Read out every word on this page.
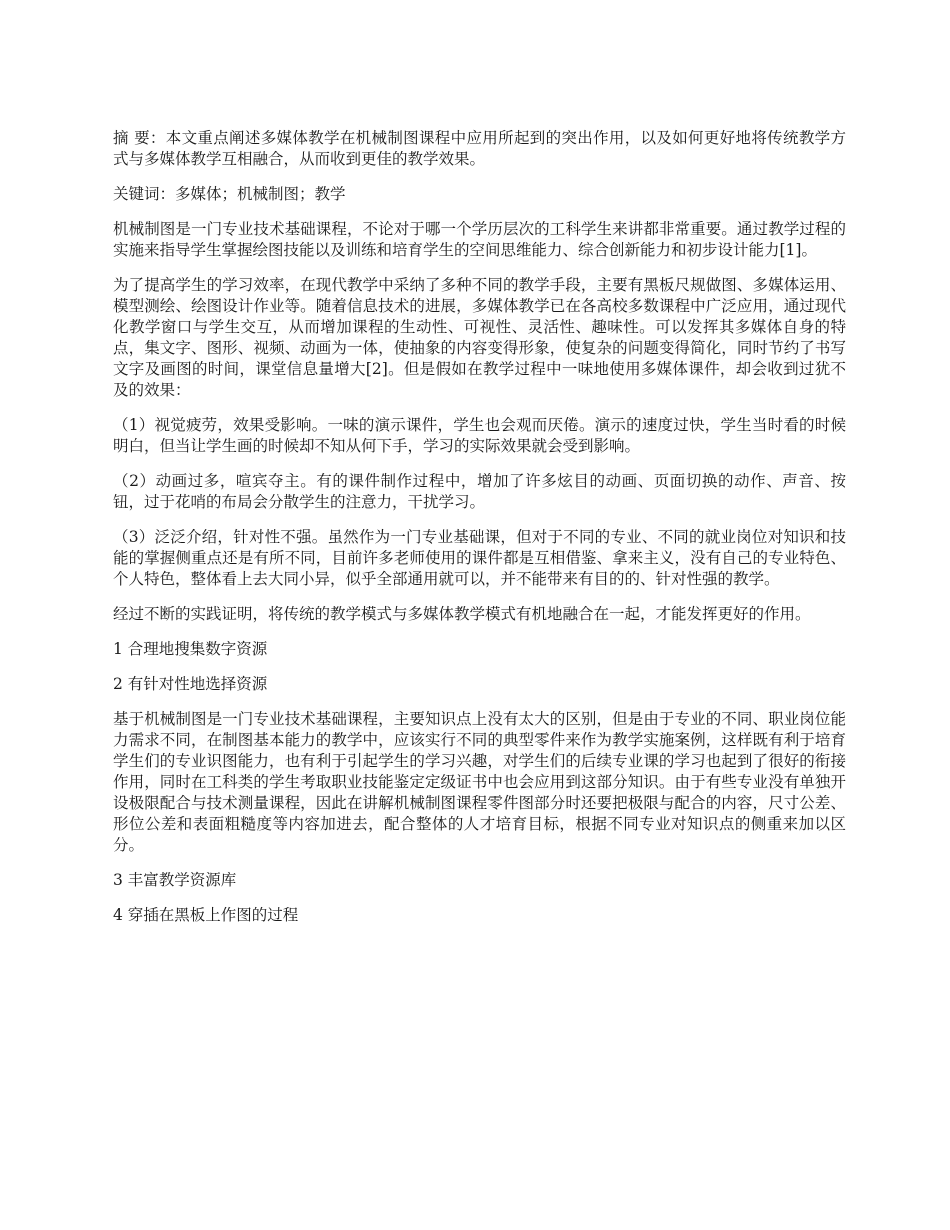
摘 要：本文重点阐述多媒体教学在机械制图课程中应用所起到的突出作用，以及如何更好地将传统教学方式与多媒体教学互相融合，从而收到更佳的教学效果。

关键词：多媒体；机械制图；教学

机械制图是一门专业技术基础课程，不论对于哪一个学历层次的工科学生来讲都非常重要。通过教学过程的实施来指导学生掌握绘图技能以及训练和培育学生的空间思维能力、综合创新能力和初步设计能力[1]。

为了提高学生的学习效率，在现代教学中采纳了多种不同的教学手段，主要有黑板尺规做图、多媒体运用、模型测绘、绘图设计作业等。随着信息技术的进展，多媒体教学已在各高校多数课程中广泛应用，通过现代化教学窗口与学生交互，从而增加课程的生动性、可视性、灵活性、趣味性。可以发挥其多媒体自身的特点，集文字、图形、视频、动画为一体，使抽象的内容变得形象，使复杂的问题变得简化，同时节约了书写文字及画图的时间，课堂信息量增大[2]。但是假如在教学过程中一味地使用多媒体课件，却会收到过犹不及的效果：

（1）视觉疲劳，效果受影响。一味的演示课件，学生也会观而厌倦。演示的速度过快，学生当时看的时候明白，但当让学生画的时候却不知从何下手，学习的实际效果就会受到影响。

（2）动画过多，喧宾夺主。有的课件制作过程中，增加了许多炫目的动画、页面切换的动作、声音、按钮，过于花哨的布局会分散学生的注意力，干扰学习。

（3）泛泛介绍，针对性不强。虽然作为一门专业基础课，但对于不同的专业、不同的就业岗位对知识和技能的掌握侧重点还是有所不同，目前许多老师使用的课件都是互相借鉴、拿来主义，没有自己的专业特色、个人特色，整体看上去大同小异，似乎全部通用就可以，并不能带来有目的的、针对性强的教学。

经过不断的实践证明，将传统的教学模式与多媒体教学模式有机地融合在一起，才能发挥更好的作用。

1 合理地搜集数字资源

2 有针对性地选择资源

基于机械制图是一门专业技术基础课程，主要知识点上没有太大的区别，但是由于专业的不同、职业岗位能力需求不同，在制图基本能力的教学中，应该实行不同的典型零件来作为教学实施案例，这样既有利于培育学生们的专业识图能力，也有利于引起学生的学习兴趣，对学生们的后续专业课的学习也起到了很好的衔接作用，同时在工科类的学生考取职业技能鉴定定级证书中也会应用到这部分知识。由于有些专业没有单独开设极限配合与技术测量课程，因此在讲解机械制图课程零件图部分时还要把极限与配合的内容，尺寸公差、形位公差和表面粗糙度等内容加进去，配合整体的人才培育目标，根据不同专业对知识点的侧重来加以区分。

3 丰富教学资源库

4 穿插在黑板上作图的过程
